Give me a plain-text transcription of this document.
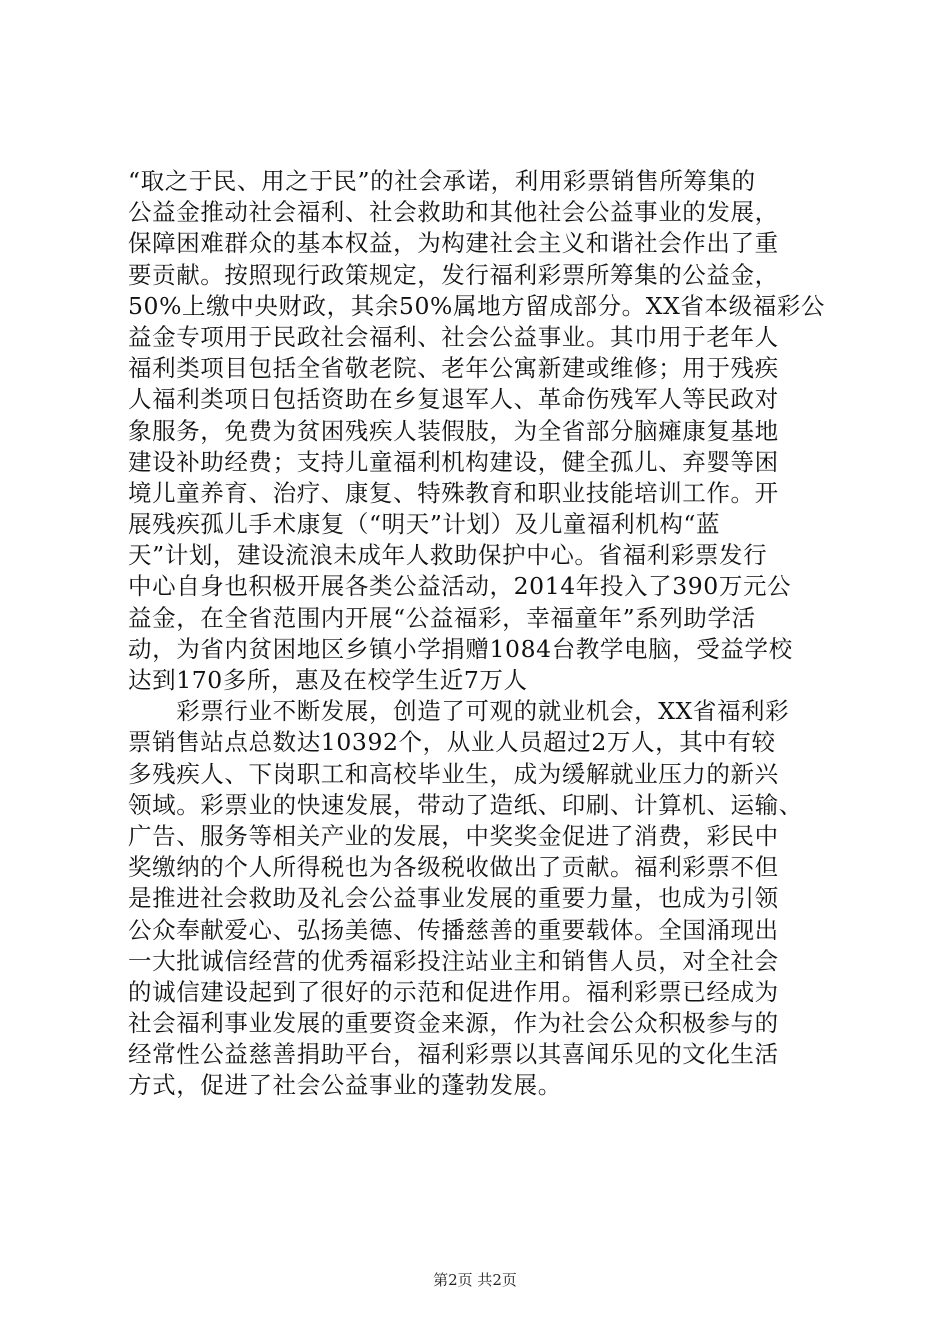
“取之于民、用之于民”的社会承诺，利用彩票销售所筹集的
公益金推动社会福利、社会救助和其他社会公益事业的发展，
保障困难群众的基本权益，为构建社会主义和谐社会作出了重
要贡献。按照现行政策规定，发行福利彩票所筹集的公益金，
50%上缴中央财政，其余50%属地方留成部分。XX省本级福彩公
益金专项用于民政社会福利、社会公益事业。其巾用于老年人
福利类项目包括全省敬老院、老年公寓新建或维修；用于残疾
人福利类项日包括资助在乡复退军人、革命伤残军人等民政对
象服务，免费为贫困残疾人装假肢，为全省部分脑瘫康复基地
建设补助经费；支持儿童福利机构建设，健全孤儿、弃婴等困
境儿童养育、治疗、康复、特殊教育和职业技能培训工作。开
展残疾孤儿手术康复（“明天”计划）及儿童福利机构“蓝
天”计划，建设流浪未成年人救助保护中心。省福利彩票发行
中心自身也积极开展各类公益活动，2014年投入了390万元公
益金，在全省范围内开展“公益福彩，幸福童年”系列助学活
动，为省内贫困地区乡镇小学捐赠1084台教学电脑，受益学校
达到170多所，惠及在校学生近7万人
　　彩票行业不断发展，创造了可观的就业机会，XX省福利彩
票销售站点总数达10392个，从业人员超过2万人，其中有较
多残疾人、下岗职工和高校毕业生，成为缓解就业压力的新兴
领域。彩票业的快速发展，带动了造纸、印刷、计算机、运输、
广告、服务等相关产业的发展，中奖奖金促进了消费，彩民中
奖缴纳的个人所得税也为各级税收做出了贡献。福利彩票不但
是推进社会救助及礼会公益事业发展的重要力量，也成为引领
公众奉献爱心、弘扬美德、传播慈善的重要载体。全国涌现出
一大批诚信经营的优秀福彩投注站业主和销售人员，对全社会
的诚信建设起到了很好的示范和促进作用。福利彩票已经成为
社会福利事业发展的重要资金来源，作为社会公众积极参与的
经常性公益慈善捐助平台，福利彩票以其喜闻乐见的文化生活
方式，促进了社会公益事业的蓬勃发展。
第2页 共2页
